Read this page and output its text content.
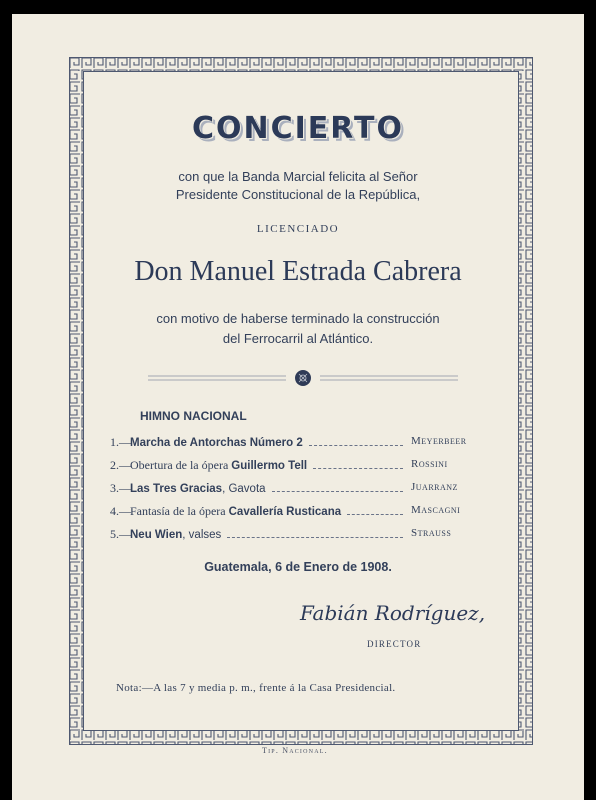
CONCIERTO
con que la Banda Marcial felicita al Señor
Presidente Constitucional de la República,
LICENCIADO
Don Manuel Estrada Cabrera
con motivo de haberse terminado la construcción
del Ferrocarril al Atlántico.
HIMNO NACIONAL
1.— Marcha de Antorchas Número 2	Meyerbeer
2.— Obertura de la ópera Guillermo Tell	Rossini
3.— Las Tres Gracias, Gavota	Juarranz
4.— Fantasía de la ópera Cavallería Rusticana	Mascagni
5.— Neu Wien, valses	Strauss
Guatemala, 6 de Enero de 1908.
Fabián Rodríguez,
DIRECTOR
Nota:—A las 7 y media p. m., frente á la Casa Presidencial.
Tip. Nacional.
